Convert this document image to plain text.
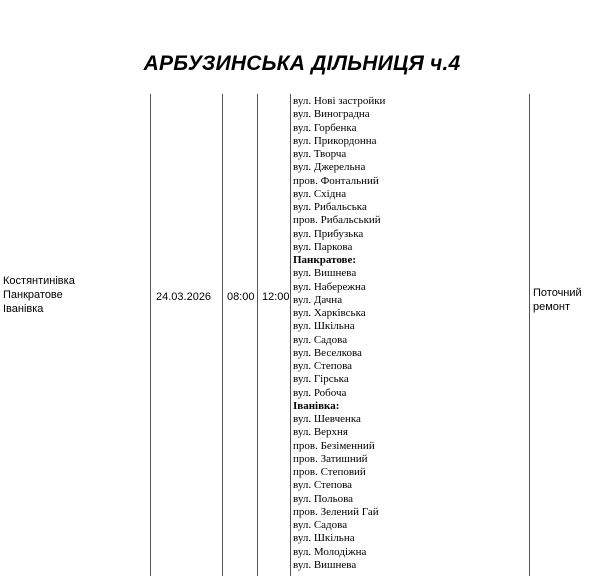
АРБУЗИНСЬКА ДІЛЬНИЦЯ ч.4
Костянтинівка
Панкратове
Іванівка
24.03.2026 08:00 12:00	Поточний
ремонт
вул. Нові застройки
вул. Виноградна
вул. Горбенка
вул. Прикордонна
вул. Творча
вул. Джерельна
пров. Фонтальний
вул. Східна
вул. Рибальська
пров. Рибальський
вул. Прибузька
вул. Паркова
Панкратове:
вул. Вишнева
вул. Набережна
вул. Дачна
вул. Харківська
вул. Шкільна
вул. Садова
вул. Веселкова
вул. Степова
вул. Гірська
вул. Робоча
Іванівка:
вул. Шевченка
вул. Верхня
пров. Безіменний
пров. Затишний
пров. Степовий
вул. Степова
вул. Польова
пров. Зелений Гай
вул. Садова
вул. Шкільна
вул. Молодіжна
вул. Вишнева
